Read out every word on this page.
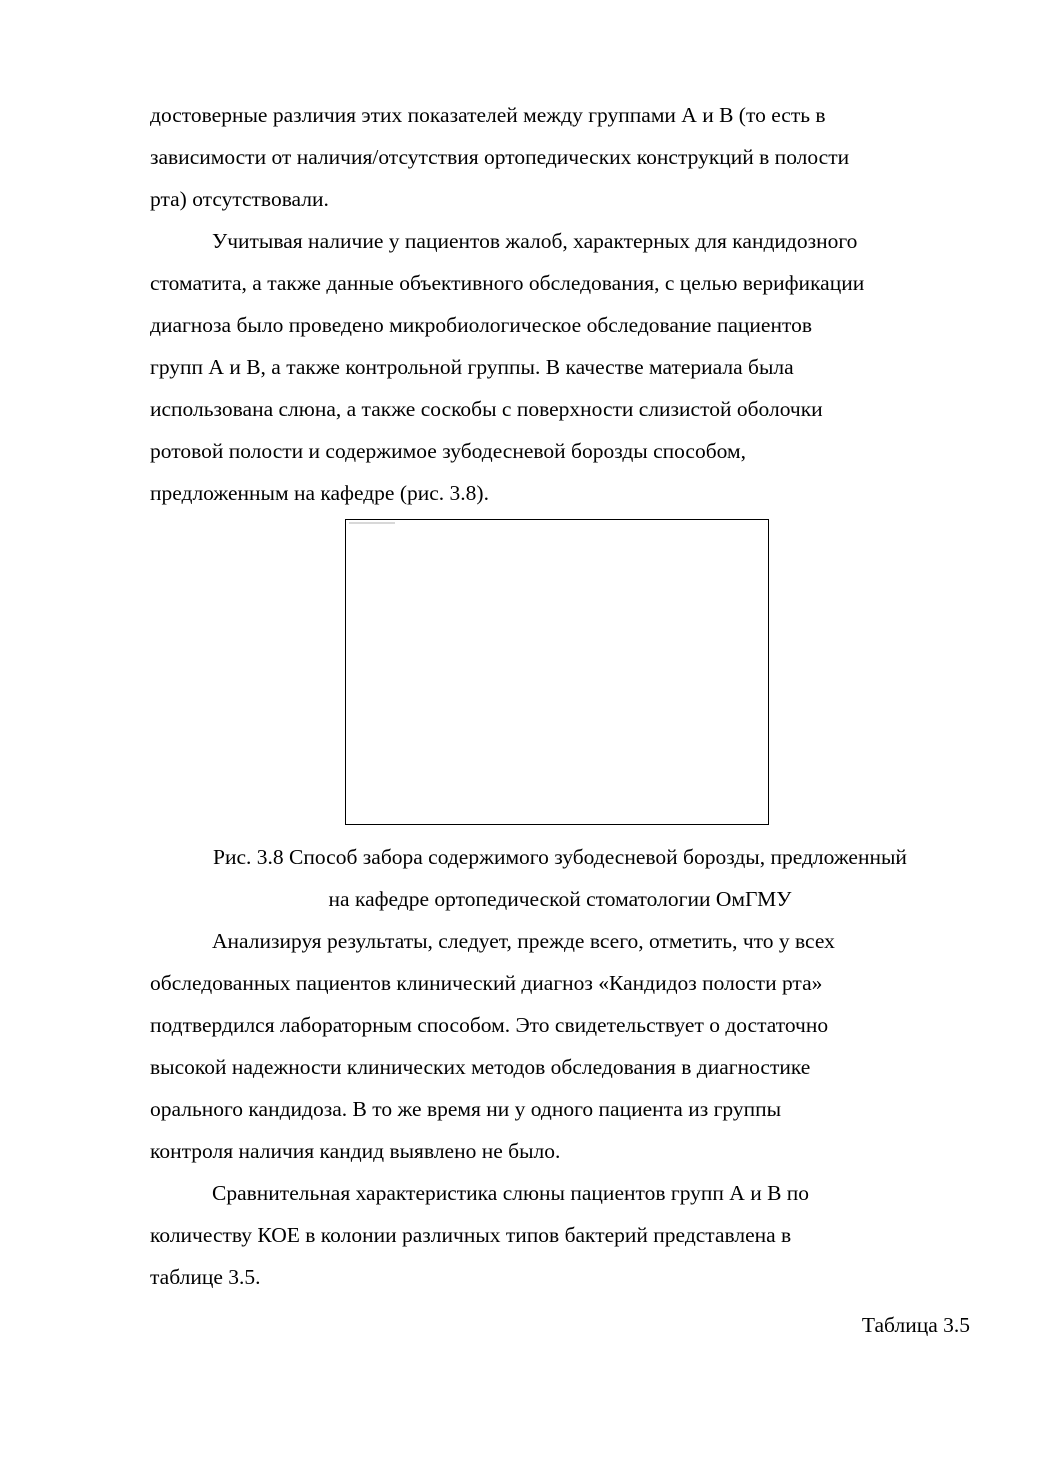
достоверные различия этих показателей между группами А и В (то есть в
зависимости от наличия/отсутствия ортопедических конструкций в полости
рта) отсутствовали.

Учитывая наличие у пациентов жалоб, характерных для кандидозного
стоматита, а также данные объективного обследования, с целью верификации
диагноза было проведено микробиологическое обследование пациентов
групп А и В, а также контрольной группы. В качестве материала была
использована слюна, а также соскобы с поверхности слизистой оболочки
ротовой полости и содержимое зубодесневой борозды способом,
предложенным на кафедре (рис. 3.8).

Рис. 3.8 Способ забора содержимого зубодесневой борозды, предложенный
на кафедре ортопедической стоматологии ОмГМУ

Анализируя результаты, следует, прежде всего, отметить, что у всех
обследованных пациентов клинический диагноз «Кандидоз полости рта»
подтвердился лабораторным способом. Это свидетельствует о достаточно
высокой надежности клинических методов обследования в диагностике
орального кандидоза. В то же время ни у одного пациента из группы
контроля наличия кандид выявлено не было.

Сравнительная характеристика слюны пациентов групп А и В по
количеству КОЕ в колонии различных типов бактерий представлена в
таблице 3.5.

Таблица 3.5
